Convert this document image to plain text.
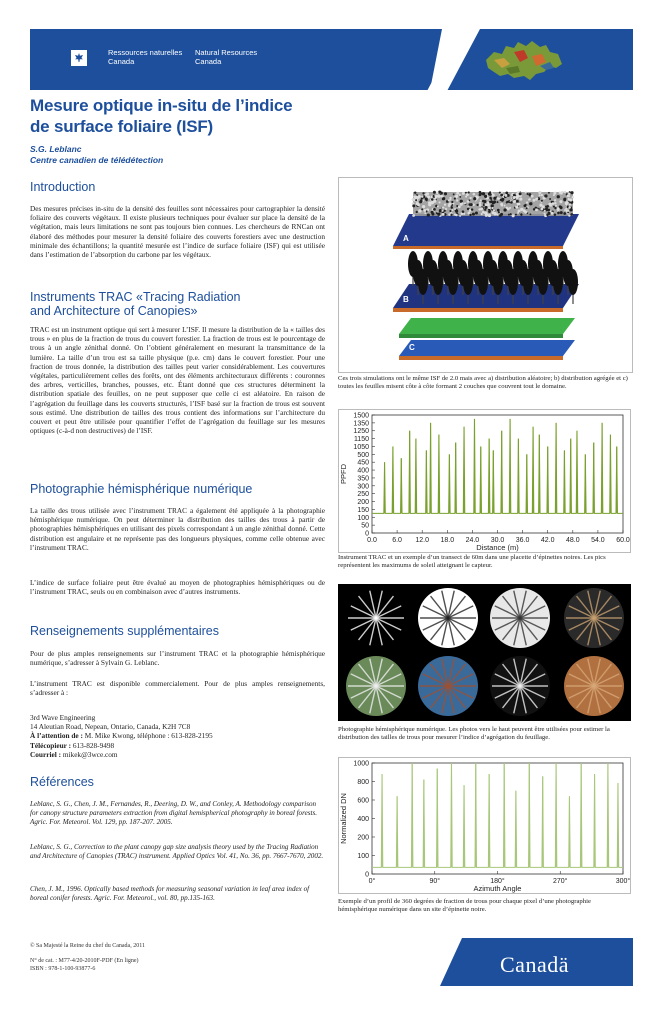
Ressources naturelles
Canada
Natural Resources
Canada
Mesure optique in-situ de l’indice
de surface foliaire (ISF)
S.G. Leblanc
Centre canadien de télédétection
Introduction

Des mesures précises in-situ de la densité des feuilles sont nécessaires pour cartographier la densité foliaire des couverts végétaux. Il existe plusieurs techniques pour évaluer sur place la densité de la végétation, mais leurs limitations ne sont pas toujours bien connues. Les chercheurs de RNCan ont élaboré des méthodes pour mesurer la densité foliaire des couverts forestiers avec une destruction minimale des échantillons; la quantité mesurée est l’indice de surface foliaire (ISF) qui est utilisée dans l’estimation de l’absorption du carbone par les végétaux.

Instruments TRAC «Tracing Radiation
and Architecture of Canopies»

TRAC est un instrument optique qui sert à mesurer L’ISF. Il mesure la distribution de la « tailles des trous » en plus de la fraction de trous du couvert forestier. La fraction de trous est le pourcentage de trous à un angle zénithal donné. On l’obtient généralement en mesurant la transmittance de la lumière. La taille d’un trou est sa taille physique (p.e. cm) dans le couvert forestier. Pour une fraction de trous donnée, la distribution des tailles peut varier considérablement. Les couvertures végétales, particulièrement celles des forêts, ont des éléments architecturaux différents : couronnes des arbres, verticilles, branches, pousses, etc. Étant donné que ces structures déterminent la distribution spatiale des feuilles, on ne peut supposer que celle ci est aléatoire. En raison de l’agrégation du feuillage dans les couverts structurés, l’ISF basé sur la fraction de trous est souvent sous estimé. Une distribution de tailles des trous contient des informations sur l’architecture du couvert et peut être utilisée pour quantifier l’effet de l’agrégation du feuillage sur les mesures optiques (c-à-d non destructives) de l’ISF.

Photographie hémisphérique numérique

La taille des trous utilisée avec l’instrument TRAC a également été appliquée à la photographie hémisphérique numérique. On peut déterminer la distribution des tailles des trous à partir de photographies hémisphériques en utilisant des pixels correspondant à un angle zénithal donné. Cette distribution est angulaire et ne représente pas des longueurs physiques, comme celle obtenue avec l’instrument TRAC.

L’indice de surface foliaire peut être évalué au moyen de photographies hémisphériques ou de l’instrument TRAC, seuls ou en combinaison avec d’autres instruments.

Renseignements supplémentaires

Pour de plus amples renseignements sur l’instrument TRAC et la photographie hémisphérique numérique, s’adresser à Sylvain G. Leblanc.

L’instrument TRAC est disponible commercialement. Pour de plus amples renseignements, s’adresser à :

3rd Wave Engineering
14 Aleutian Road, Nepean, Ontario, Canada, K2H 7C8
À l’attention de : M. Mike Kwong, téléphone : 613-828-2195
Télécopieur : 613-828-9498
Courriel : mikek@3wce.com
Références

Leblanc, S. G., Chen, J. M., Fernandes, R., Deering, D. W., and Conley, A. Methodology comparison for canopy structure parameters extraction from digital hemispherical photography in boreal forests. Agric. For. Meteorol. Vol. 129, pp. 187-207. 2005.

Leblanc, S. G., Correction to the plant canopy gap size analysis theory used by the Tracing Radiation and Architecture of Canopies (TRAC) instrument. Applied Optics Vol. 41, No. 36, pp. 7667-7670, 2002.

Chen, J. M., 1996. Optically based methods for measuring seasonal variation in leaf area index of boreal conifer forests. Agric. For. Meteorol., vol. 80, pp.135-163.

A
B
C
Ces trois simulations ont le même ISF de 2.0 mais avec a) distribution aléatoire; b) distribution agrégée et c) toutes les feuilles misent côte à côte formant 2 couches que couvrent tout le domaine.
0
50
100
150
200
250
300
350
400
450
500
1050
1150
1250
1350
1500
0.0 6.0 12.0 18.0 24.0 30.0 36.0 42.0 48.0 54.0 60.0
Distance (m)
PPFD
Instrument TRAC et un exemple d’un transect de 60m dans une placette d’épinettes noires. Les pics représentent les maximums de soleil atteignant le capteur.
Photographie hémisphérique numérique. Les photos vers le haut peuvent être utilisées pour estimer la distribution des tailles de trous pour mesurer l’indice d’agrégation du feuillage.
0
100
200
400
600
800
1000
0°	90°	180°	270°	300°
Azimuth Angle
Normalized DN
Exemple d’un profil de 360 degrées de fraction de trous pour chaque pixel d’une photographie hémisphérique numérique dans un site d’épinette noire.
© Sa Majesté la Reine du chef du Canada, 2011
N° de cat. : M77-4/20-2010F-PDF (En ligne)
ISBN : 978-1-100-93877-6	Canadä
